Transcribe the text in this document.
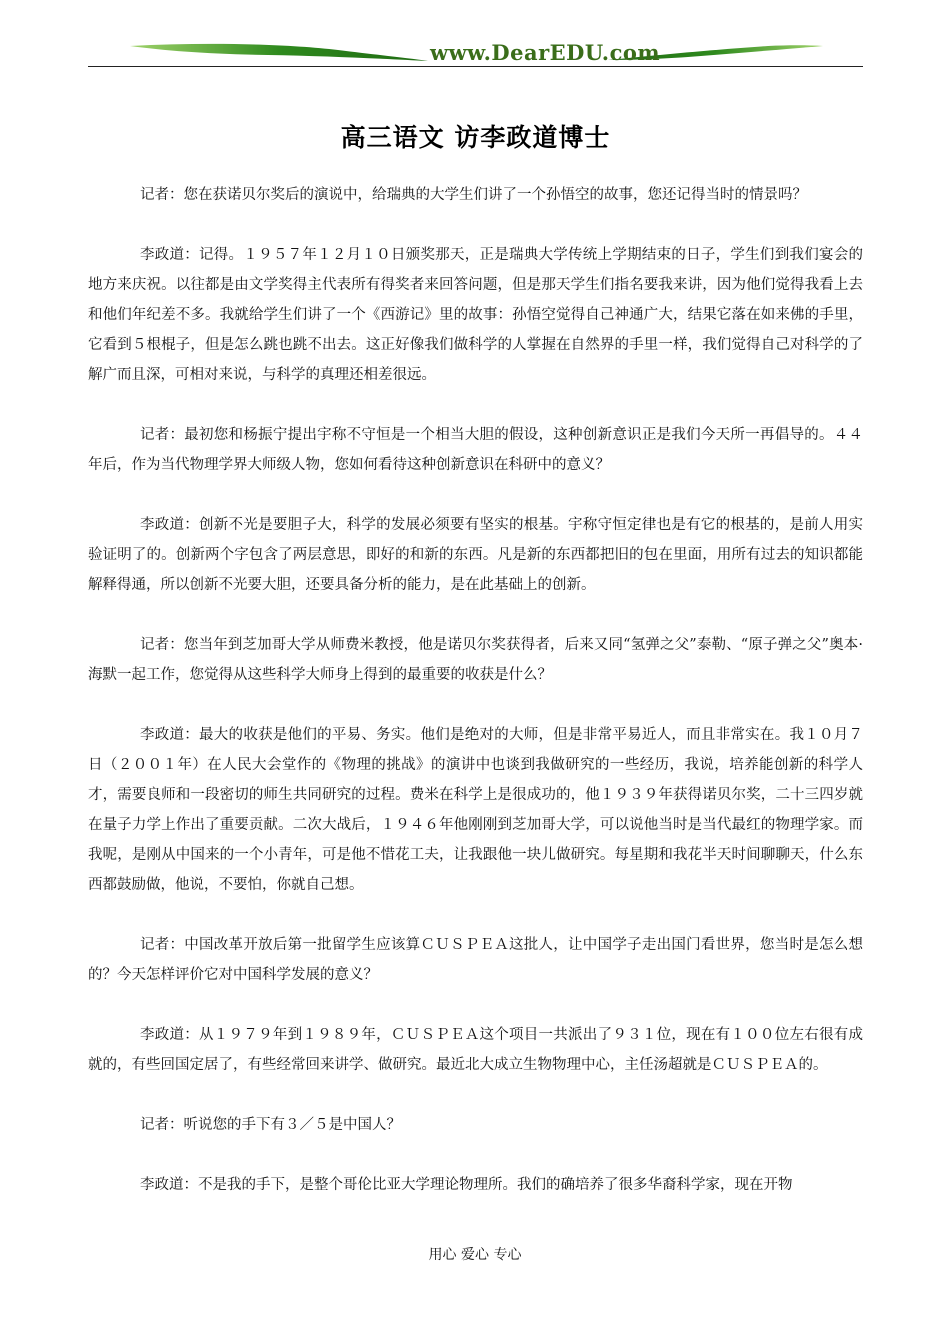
www.DearEDU.com
高三语文 访李政道博士

记者：您在获诺贝尔奖后的演说中，给瑞典的大学生们讲了一个孙悟空的故事，您还记得当时的情景吗？

李政道：记得。１９５７年１２月１０日颁奖那天，正是瑞典大学传统上学期结束的日子，学生们到我们宴会的地方来庆祝。以往都是由文学奖得主代表所有得奖者来回答问题，但是那天学生们指名要我来讲，因为他们觉得我看上去和他们年纪差不多。我就给学生们讲了一个《西游记》里的故事：孙悟空觉得自己神通广大，结果它落在如来佛的手里，它看到５根棍子，但是怎么跳也跳不出去。这正好像我们做科学的人掌握在自然界的手里一样，我们觉得自己对科学的了解广而且深，可相对来说，与科学的真理还相差很远。

记者：最初您和杨振宁提出宇称不守恒是一个相当大胆的假设，这种创新意识正是我们今天所一再倡导的。４４年后，作为当代物理学界大师级人物，您如何看待这种创新意识在科研中的意义？

李政道：创新不光是要胆子大，科学的发展必须要有坚实的根基。宇称守恒定律也是有它的根基的，是前人用实验证明了的。创新两个字包含了两层意思，即好的和新的东西。凡是新的东西都把旧的包在里面，用所有过去的知识都能解释得通，所以创新不光要大胆，还要具备分析的能力，是在此基础上的创新。

记者：您当年到芝加哥大学从师费米教授，他是诺贝尔奖获得者，后来又同“氢弹之父”泰勒、“原子弹之父”奥本·海默一起工作，您觉得从这些科学大师身上得到的最重要的收获是什么？

李政道：最大的收获是他们的平易、务实。他们是绝对的大师，但是非常平易近人，而且非常实在。我１０月７日（２００１年）在人民大会堂作的《物理的挑战》的演讲中也谈到我做研究的一些经历，我说，培养能创新的科学人才，需要良师和一段密切的师生共同研究的过程。费米在科学上是很成功的，他１９３９年获得诺贝尔奖，二十三四岁就在量子力学上作出了重要贡献。二次大战后，１９４６年他刚刚到芝加哥大学，可以说他当时是当代最红的物理学家。而我呢，是刚从中国来的一个小青年，可是他不惜花工夫，让我跟他一块儿做研究。每星期和我花半天时间聊聊天，什么东西都鼓励做，他说，不要怕，你就自己想。

记者：中国改革开放后第一批留学生应该算ＣＵＳＰＥＡ这批人，让中国学子走出国门看世界，您当时是怎么想的？今天怎样评价它对中国科学发展的意义？

李政道：从１９７９年到１９８９年，ＣＵＳＰＥＡ这个项目一共派出了９３１位，现在有１００位左右很有成就的，有些回国定居了，有些经常回来讲学、做研究。最近北大成立生物物理中心，主任汤超就是ＣＵＳＰＥＡ的。

记者：听说您的手下有３／５是中国人？

李政道：不是我的手下，是整个哥伦比亚大学理论物理所。我们的确培养了很多华裔科学家，现在开物

用心 爱心 专心
